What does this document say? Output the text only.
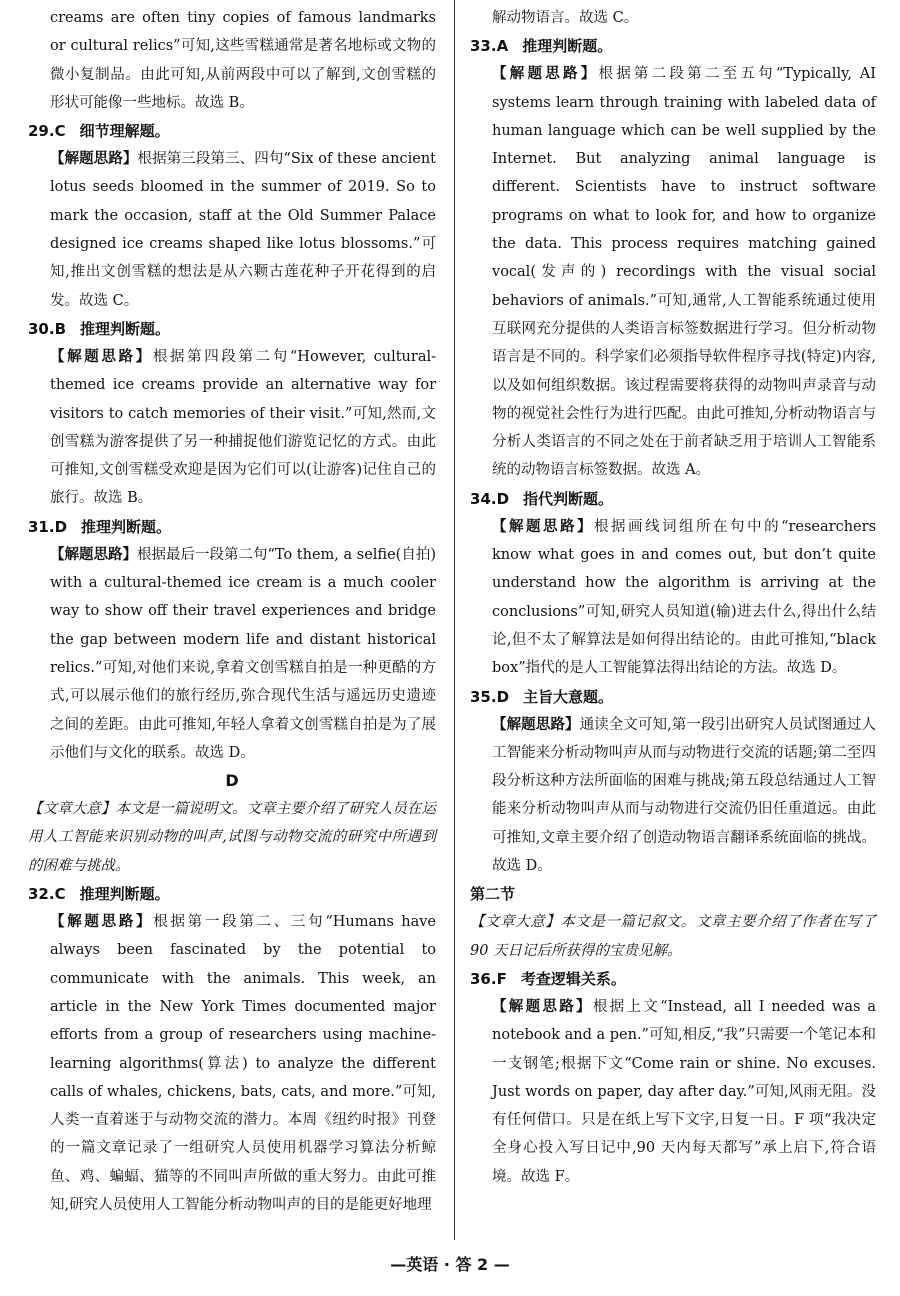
creams are often tiny copies of famous landmarks or cultural relics”可知,这些雪糕通常是著名地标或文物的微小复制品。由此可知,从前两段中可以了解到,文创雪糕的形状可能像一些地标。故选 B。

29.C 细节理解题。

【解题思路】根据第三段第三、四句“Six of these ancient lotus seeds bloomed in the summer of 2019. So to mark the occasion, staff at the Old Summer Palace designed ice creams shaped like lotus blossoms.”可知,推出文创雪糕的想法是从六颗古莲花种子开花得到的启发。故选 C。

30.B 推理判断题。

【解题思路】根据第四段第二句“However, cultural-themed ice creams provide an alternative way for visitors to catch memories of their visit.”可知,然而,文创雪糕为游客提供了另一种捕捉他们游览记忆的方式。由此可推知,文创雪糕受欢迎是因为它们可以(让游客)记住自己的旅行。故选 B。

31.D 推理判断题。

【解题思路】根据最后一段第二句“To them, a selfie(自拍) with a cultural-themed ice cream is a much cooler way to show off their travel experiences and bridge the gap between modern life and distant historical relics.”可知,对他们来说,拿着文创雪糕自拍是一种更酷的方式,可以展示他们的旅行经历,弥合现代生活与遥远历史遗迹之间的差距。由此可推知,年轻人拿着文创雪糕自拍是为了展示他们与文化的联系。故选 D。

D

【文章大意】本文是一篇说明文。文章主要介绍了研究人员在运用人工智能来识别动物的叫声,试图与动物交流的研究中所遇到的困难与挑战。

32.C 推理判断题。

【解题思路】根据第一段第二、三句“Humans have always been fascinated by the potential to communicate with the animals. This week, an article in the New York Times documented major efforts from a group of researchers using machine-learning algorithms(算法) to analyze the different calls of whales, chickens, bats, cats, and more.”可知,人类一直着迷于与动物交流的潜力。本周《纽约时报》刊登的一篇文章记录了一组研究人员使用机器学习算法分析鲸鱼、鸡、蝙蝠、猫等的不同叫声所做的重大努力。由此可推知,研究人员使用人工智能分析动物叫声的目的是能更好地理

解动物语言。故选 C。

33.A 推理判断题。

【解题思路】根据第二段第二至五句“Typically, AI systems learn through training with labeled data of human language which can be well supplied by the Internet. But analyzing animal language is different. Scientists have to instruct software programs on what to look for, and how to organize the data. This process requires matching gained vocal(发声的) recordings with the visual social behaviors of animals.”可知,通常,人工智能系统通过使用互联网充分提供的人类语言标签数据进行学习。但分析动物语言是不同的。科学家们必须指导软件程序寻找(特定)内容,以及如何组织数据。该过程需要将获得的动物叫声录音与动物的视觉社会性行为进行匹配。由此可推知,分析动物语言与分析人类语言的不同之处在于前者缺乏用于培训人工智能系统的动物语言标签数据。故选 A。

34.D 指代判断题。

【解题思路】根据画线词组所在句中的“researchers know what goes in and comes out, but don’t quite understand how the algorithm is arriving at the conclusions”可知,研究人员知道(输)进去什么,得出什么结论,但不太了解算法是如何得出结论的。由此可推知,“black box”指代的是人工智能算法得出结论的方法。故选 D。

35.D 主旨大意题。

【解题思路】通读全文可知,第一段引出研究人员试图通过人工智能来分析动物叫声从而与动物进行交流的话题;第二至四段分析这种方法所面临的困难与挑战;第五段总结通过人工智能来分析动物叫声从而与动物进行交流仍旧任重道远。由此可推知,文章主要介绍了创造动物语言翻译系统面临的挑战。故选 D。

第二节

【文章大意】本文是一篇记叙文。文章主要介绍了作者在写了 90 天日记后所获得的宝贵见解。

36.F 考查逻辑关系。

【解题思路】根据上文“Instead, all I needed was a notebook and a pen.”可知,相反,“我”只需要一个笔记本和一支钢笔;根据下文“Come rain or shine. No excuses. Just words on paper, day after day.”可知,风雨无阻。没有任何借口。只是在纸上写下文字,日复一日。F 项“我决定全身心投入写日记中,90 天内每天都写”承上启下,符合语境。故选 F。

—英语 · 答 2 —
